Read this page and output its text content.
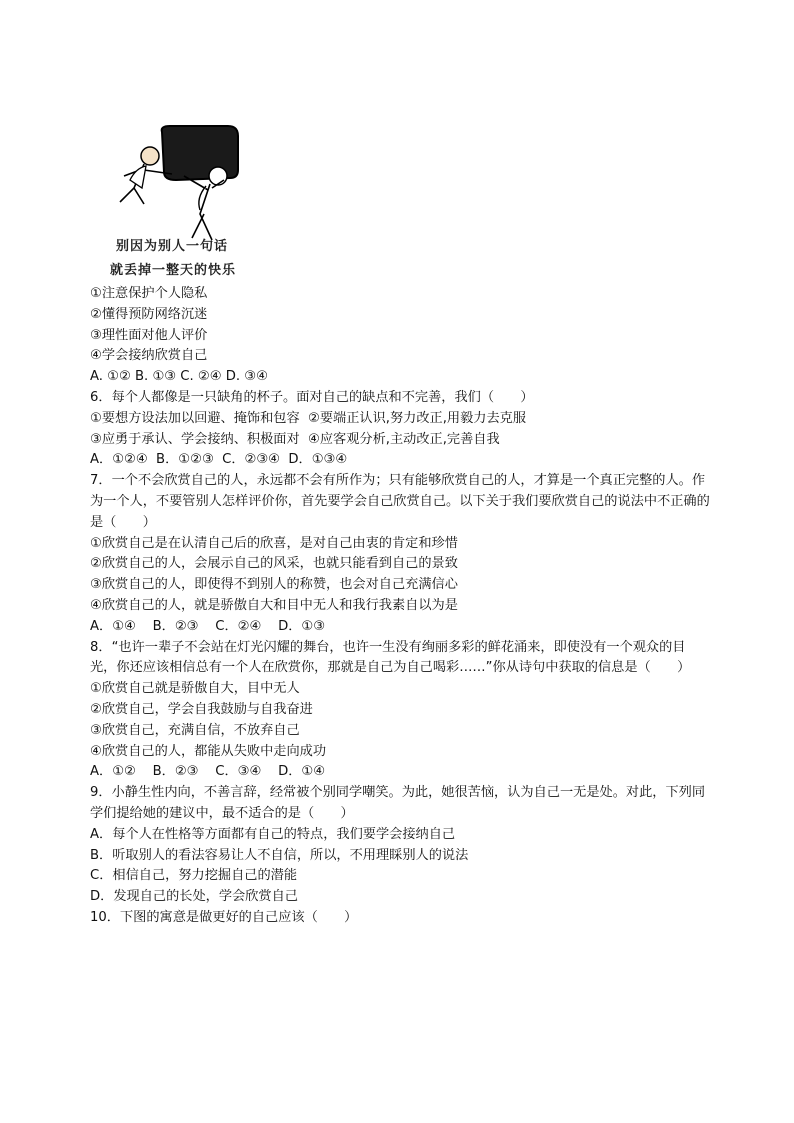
别因为别人一句话
就丢掉一整天的快乐
①注意保护个人隐私
②懂得预防网络沉迷
③理性面对他人评价
④学会接纳欣赏自己
A. ①② B. ①③ C. ②④ D. ③④
6．每个人都像是一只缺角的杯子。面对自己的缺点和不完善，我们（　　）
①要想方设法加以回避、掩饰和包容  ②要端正认识,努力改正,用毅力去克服
③应勇于承认、学会接纳、积极面对  ④应客观分析,主动改正,完善自我
A．①②④  B．①②③  C．②③④  D．①③④
7．一个不会欣赏自己的人，永远都不会有所作为；只有能够欣赏自己的人，才算是一个真正完整的人。作为一个人，不要管别人怎样评价你，首先要学会自己欣赏自己。以下关于我们要欣赏自己的说法中不正确的是（　　）
①欣赏自己是在认清自己后的欣喜，是对自己由衷的肯定和珍惜
②欣赏自己的人，会展示自己的风采，也就只能看到自己的景致
③欣赏自己的人，即使得不到别人的称赞，也会对自己充满信心
④欣赏自己的人，就是骄傲自大和目中无人和我行我素自以为是
A．①④    B．②③    C．②④    D．①③
8．“也许一辈子不会站在灯光闪耀的舞台，也许一生没有绚丽多彩的鲜花涌来，即使没有一个观众的目光，你还应该相信总有一个人在欣赏你，那就是自己为自己喝彩……”你从诗句中获取的信息是（　　）
①欣赏自己就是骄傲自大，目中无人
②欣赏自己，学会自我鼓励与自我奋进
③欣赏自己，充满自信，不放弃自己
④欣赏自己的人，都能从失败中走向成功
A．①②    B．②③    C．③④    D．①④
9．小静生性内向，不善言辞，经常被个别同学嘲笑。为此，她很苦恼，认为自己一无是处。对此，下列同学们提给她的建议中，最不适合的是（　　）
A．每个人在性格等方面都有自己的特点，我们要学会接纳自己
B．听取别人的看法容易让人不自信，所以，不用理睬别人的说法
C．相信自己，努力挖掘自己的潜能
D．发现自己的长处，学会欣赏自己
10．下图的寓意是做更好的自己应该（　　）
